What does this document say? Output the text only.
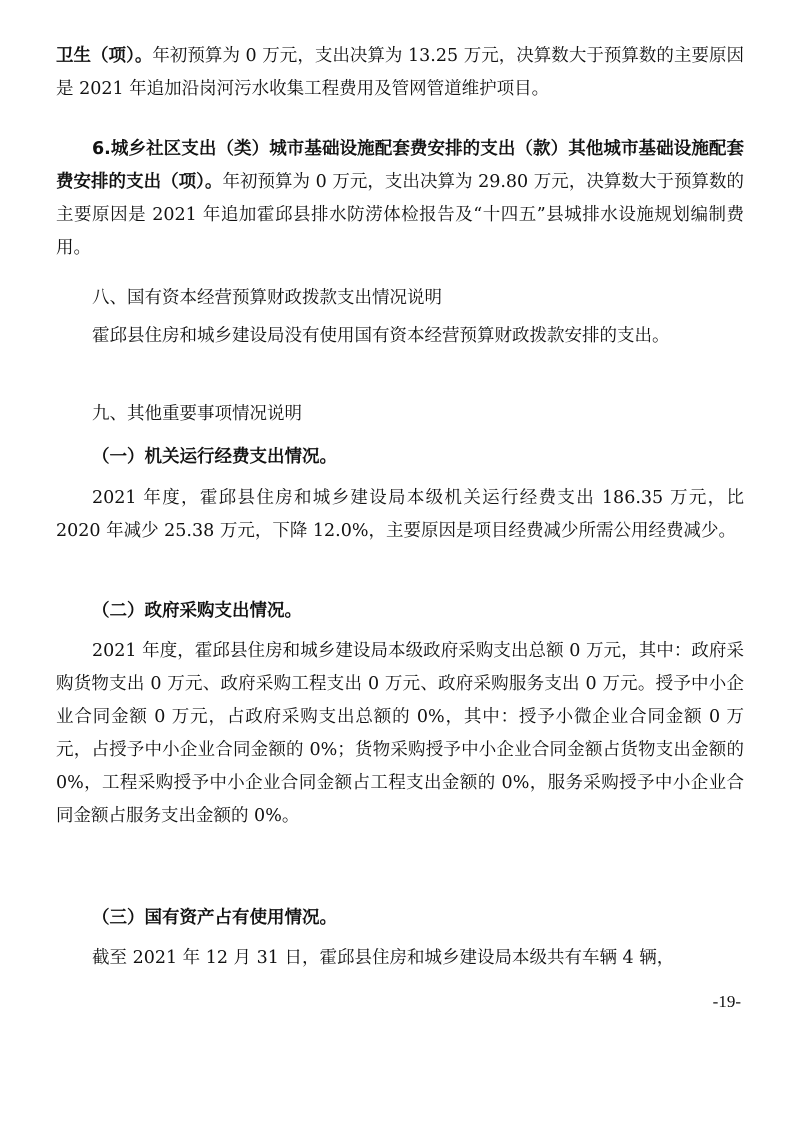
卫生（项）。年初预算为 0 万元，支出决算为 13.25 万元，决算数大于预算数的主要原因是 2021 年追加沿岗河污水收集工程费用及管网管道维护项目。

6.城乡社区支出（类）城市基础设施配套费安排的支出（款）其他城市基础设施配套费安排的支出（项）。年初预算为 0 万元，支出决算为 29.80 万元，决算数大于预算数的主要原因是 2021 年追加霍邱县排水防涝体检报告及“十四五”县城排水设施规划编制费用。

八、国有资本经营预算财政拨款支出情况说明

霍邱县住房和城乡建设局没有使用国有资本经营预算财政拨款安排的支出。

九、其他重要事项情况说明

（一）机关运行经费支出情况。

2021 年度，霍邱县住房和城乡建设局本级机关运行经费支出 186.35 万元，比 2020 年减少 25.38 万元，下降 12.0%，主要原因是项目经费减少所需公用经费减少。

（二）政府采购支出情况。

2021 年度，霍邱县住房和城乡建设局本级政府采购支出总额 0 万元，其中：政府采购货物支出 0 万元、政府采购工程支出 0 万元、政府采购服务支出 0 万元。授予中小企业合同金额 0 万元，占政府采购支出总额的 0%，其中：授予小微企业合同金额 0 万元，占授予中小企业合同金额的 0%；货物采购授予中小企业合同金额占货物支出金额的 0%，工程采购授予中小企业合同金额占工程支出金额的 0%，服务采购授予中小企业合同金额占服务支出金额的 0%。

（三）国有资产占有使用情况。

截至 2021 年 12 月 31 日，霍邱县住房和城乡建设局本级共有车辆 4 辆，

-19-
